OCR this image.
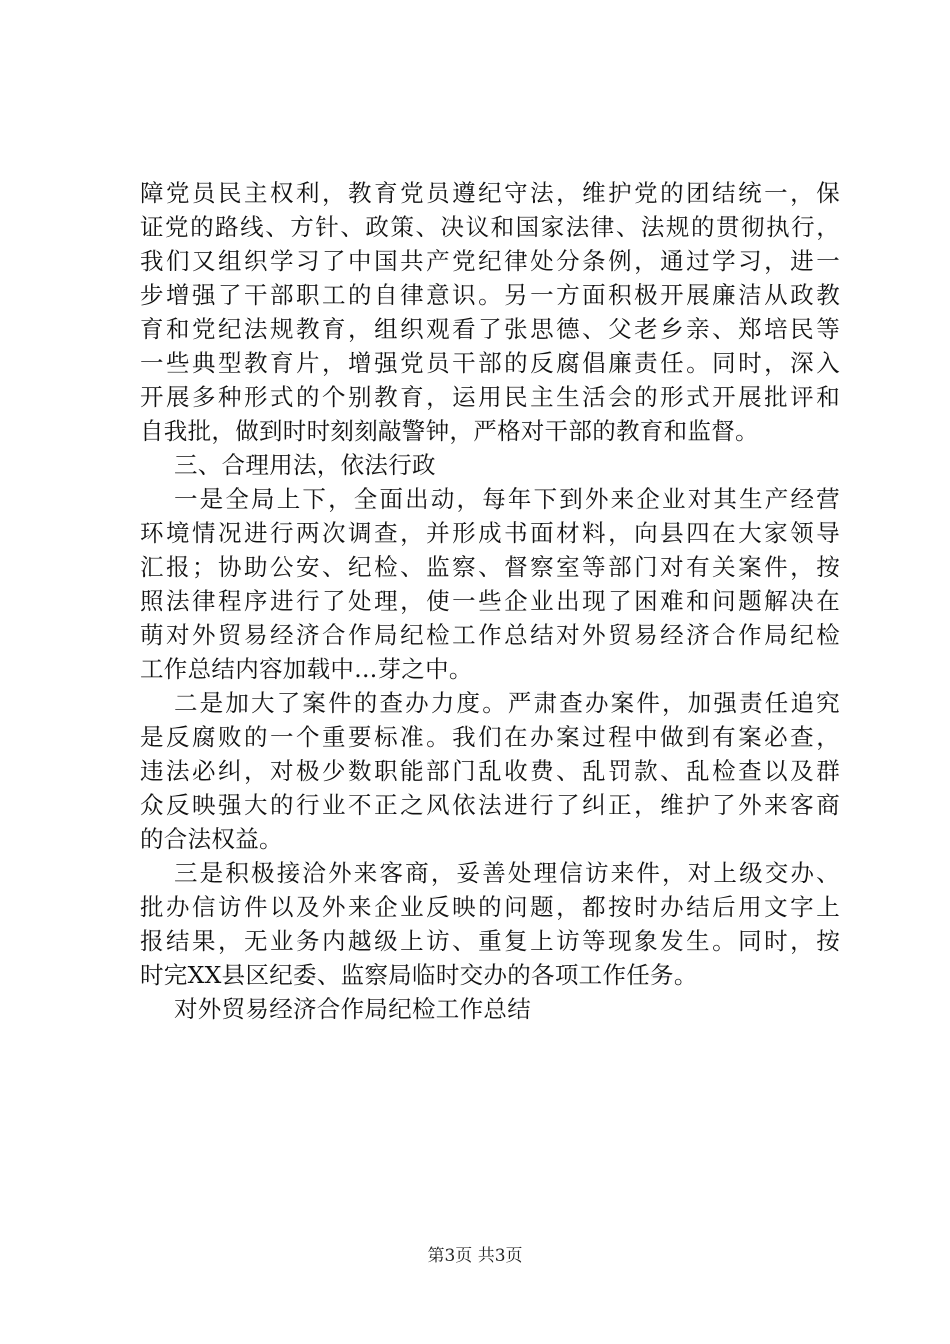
障党员民主权利，教育党员遵纪守法，维护党的团结统一，保
证党的路线、方针、政策、决议和国家法律、法规的贯彻执行，
我们又组织学习了中国共产党纪律处分条例，通过学习，进一
步增强了干部职工的自律意识。另一方面积极开展廉洁从政教
育和党纪法规教育，组织观看了张思德、父老乡亲、郑培民等
一些典型教育片，增强党员干部的反腐倡廉责任。同时，深入
开展多种形式的个别教育，运用民主生活会的形式开展批评和
自我批，做到时时刻刻敲警钟，严格对干部的教育和监督。
三、合理用法，依法行政
一是全局上下，全面出动，每年下到外来企业对其生产经营
环境情况进行两次调查，并形成书面材料，向县四在大家领导
汇报；协助公安、纪检、监察、督察室等部门对有关案件，按
照法律程序进行了处理，使一些企业出现了困难和问题解决在
萌对外贸易经济合作局纪检工作总结对外贸易经济合作局纪检
工作总结内容加载中...芽之中。
二是加大了案件的查办力度。严肃查办案件，加强责任追究
是反腐败的一个重要标准。我们在办案过程中做到有案必查，
违法必纠，对极少数职能部门乱收费、乱罚款、乱检查以及群
众反映强大的行业不正之风依法进行了纠正，维护了外来客商
的合法权益。
三是积极接洽外来客商，妥善处理信访来件，对上级交办、
批办信访件以及外来企业反映的问题，都按时办结后用文字上
报结果，无业务内越级上访、重复上访等现象发生。同时，按
时完XX县区纪委、监察局临时交办的各项工作任务。
对外贸易经济合作局纪检工作总结
第3页 共3页
